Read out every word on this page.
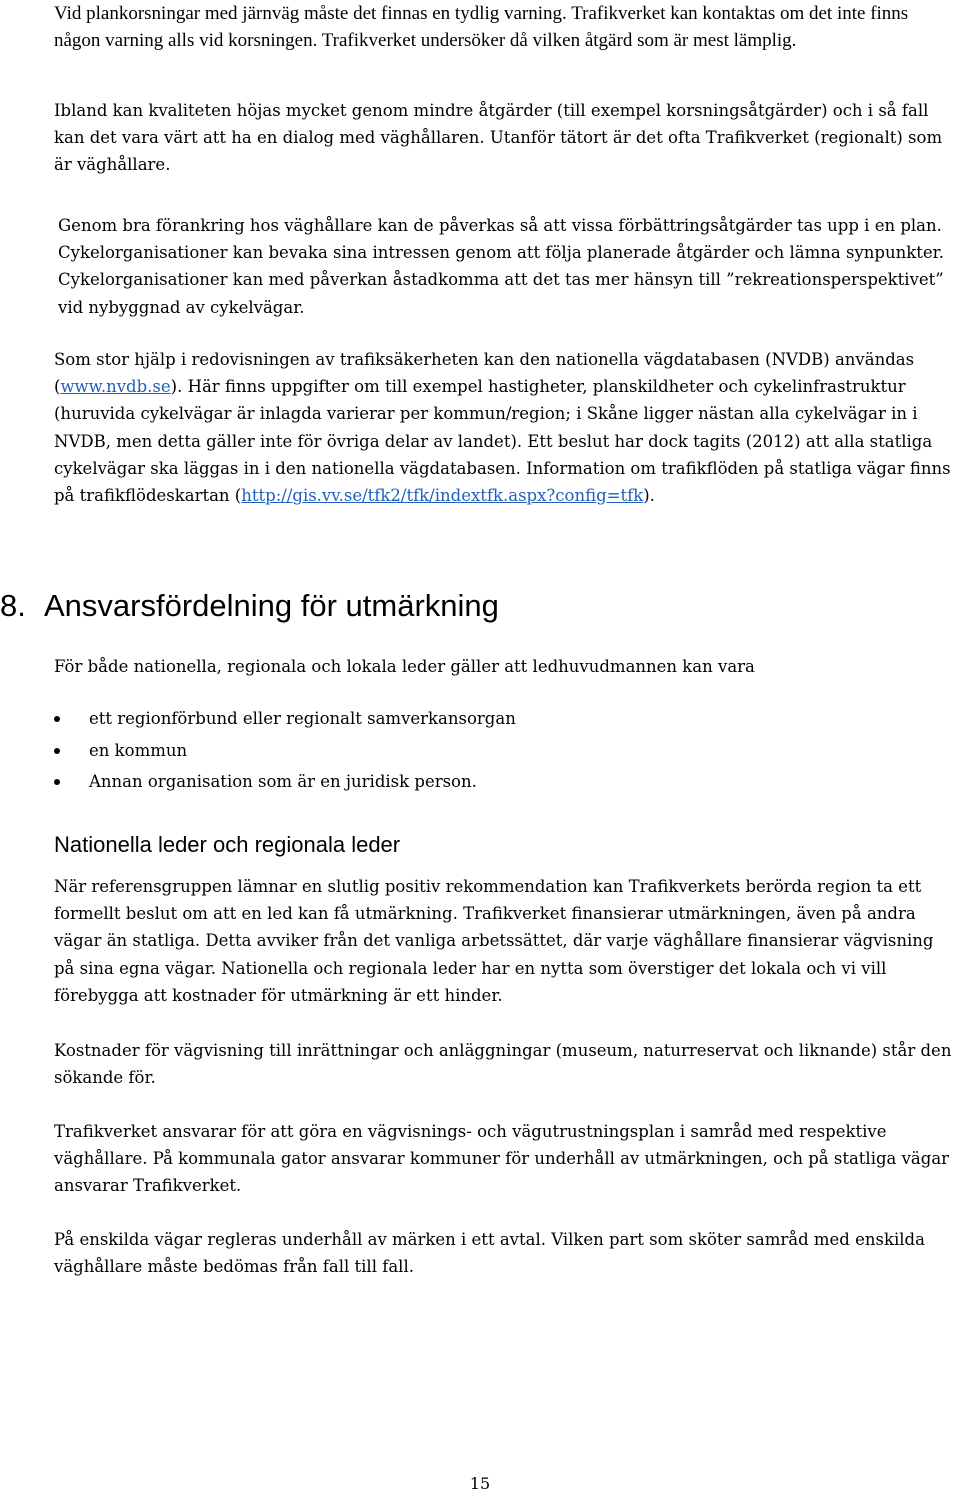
Vid plankorsningar med järnväg måste det finnas en tydlig varning. Trafikverket kan kontaktas om det inte finns någon varning alls vid korsningen. Trafikverket undersöker då vilken åtgärd som är mest lämplig.

Ibland kan kvaliteten höjas mycket genom mindre åtgärder (till exempel korsningsåtgärder) och i så fall kan det vara värt att ha en dialog med väghållaren. Utanför tätort är det ofta Trafikverket (regionalt) som är väghållare.

Genom bra förankring hos väghållare kan de påverkas så att vissa förbättringsåtgärder tas upp i en plan. Cykelorganisationer kan bevaka sina intressen genom att följa planerade åtgärder och lämna synpunkter. Cykelorganisationer kan med påverkan åstadkomma att det tas mer hänsyn till ”rekreationsperspektivet” vid nybyggnad av cykelvägar.

Som stor hjälp i redovisningen av trafiksäkerheten kan den nationella vägdatabasen (NVDB) användas (www.nvdb.se). Här finns uppgifter om till exempel hastigheter, planskildheter och cykelinfrastruktur (huruvida cykelvägar är inlagda varierar per kommun/region; i Skåne ligger nästan alla cykelvägar in i NVDB, men detta gäller inte för övriga delar av landet). Ett beslut har dock tagits (2012) att alla statliga cykelvägar ska läggas in i den nationella vägdatabasen. Information om trafikflöden på statliga vägar finns på trafikflödeskartan (http://gis.vv.se/tfk2/tfk/indextfk.aspx?config=tfk).

8. Ansvarsfördelning för utmärkning

För både nationella, regionala och lokala leder gäller att ledhuvudmannen kan vara

ett regionförbund eller regionalt samverkansorgan
en kommun
Annan organisation som är en juridisk person.
Nationella leder och regionala leder

När referensgruppen lämnar en slutlig positiv rekommendation kan Trafikverkets berörda region ta ett formellt beslut om att en led kan få utmärkning. Trafikverket finansierar utmärkningen, även på andra vägar än statliga. Detta avviker från det vanliga arbetssättet, där varje väghållare finansierar vägvisning på sina egna vägar. Nationella och regionala leder har en nytta som överstiger det lokala och vi vill förebygga att kostnader för utmärkning är ett hinder.

Kostnader för vägvisning till inrättningar och anläggningar (museum, naturreservat och liknande) står den sökande för.

Trafikverket ansvarar för att göra en vägvisnings- och vägutrustningsplan i samråd med respektive väghållare. På kommunala gator ansvarar kommuner för underhåll av utmärkningen, och på statliga vägar ansvarar Trafikverket.

På enskilda vägar regleras underhåll av märken i ett avtal. Vilken part som sköter samråd med enskilda väghållare måste bedömas från fall till fall.

15
